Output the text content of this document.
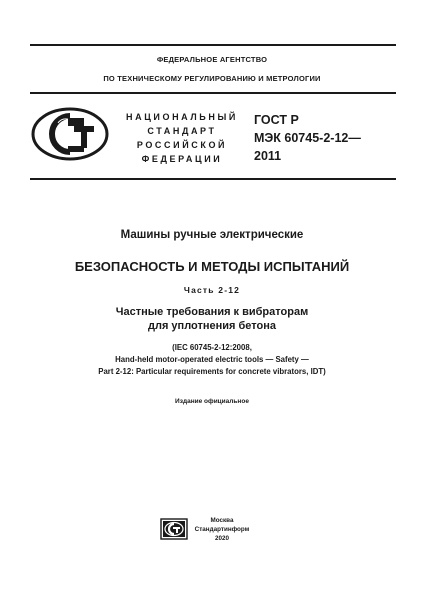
ФЕДЕРАЛЬНОЕ АГЕНТСТВО
ПО ТЕХНИЧЕСКОМУ РЕГУЛИРОВАНИЮ И МЕТРОЛОГИИ
НАЦИОНАЛЬНЫЙ
СТАНДАРТ
РОССИЙСКОЙ
ФЕДЕРАЦИИ
ГОСТ Р
МЭК 60745-2-12—
2011
Машины ручные электрические
БЕЗОПАСНОСТЬ И МЕТОДЫ ИСПЫТАНИЙ
Часть 2-12
Частные требования к вибраторам
для уплотнения бетона
(IEC 60745-2-12:2008,
Hand-held motor-operated electric tools — Safety —
Part 2-12: Particular requirements for concrete vibrators, IDT)
Издание официальное
Москва
Стандартинформ
2020
